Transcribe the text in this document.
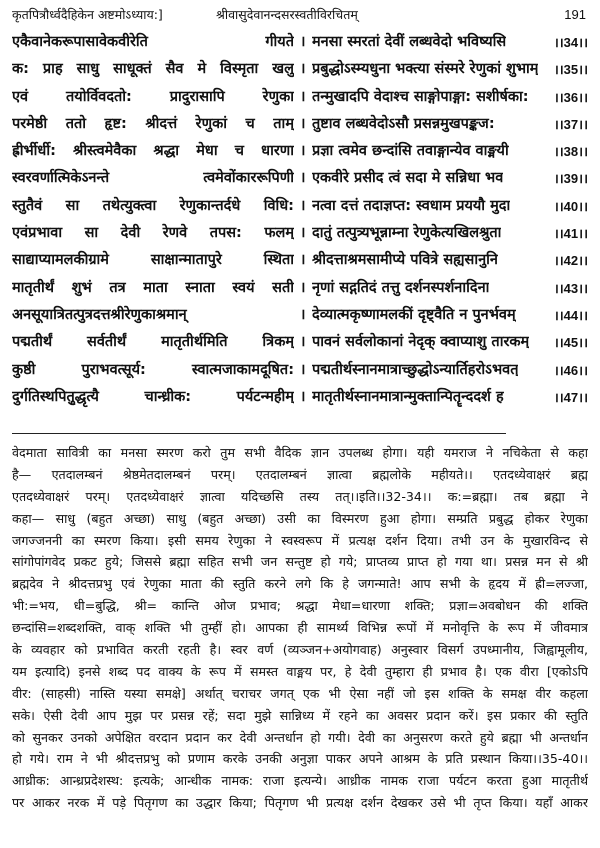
कृतपित्रौर्ध्वदैहिकेन अष्टमोऽध्याय:]	श्रीवासुदेवानन्दसरस्वतीविरचितम्	191
एकैवानेकरूपासावेकवीरेति गीयते । मनसा स्मरतां देवीं लब्धवेदो भविष्यसि	।।34।।
क: प्राह साधु साधूक्तं सैव मे विस्मृता खलु । प्रबुद्धोऽस्म्यधुना भक्त्या संस्मरे रेणुकां शुभाम् ।।35।।
एवं तयोर्विवदतो: प्रादुरासापि रेणुका । तन्मुखादपि वेदाश्च साङ्गोपाङ्गा: सशीर्षका: ।।36।।
परमेष्ठी ततो हृष्ट: श्रीदत्तं रेणुकां च ताम् । तुष्टाव लब्धवेदोऽसौ प्रसन्नमुखपङ्कज:	।।37।।
ह्रीर्भीर्धी: श्रीस्त्वमेवैका श्रद्धा मेधा च धारणा । प्रज्ञा त्वमेव छन्दांसि तवाङ्गान्येव वाङ्मयी	।।38।।
स्वरवर्णात्मिकेऽनन्ते त्वमेवोंकाररूपिणी । एकवीरे प्रसीद त्वं सदा मे सन्निधा भव	।।39।।
स्तुतैवं सा तथेत्युक्त्वा रेणुकान्तर्दधे विधि: । नत्वा दत्तं तदाज्ञप्त: स्वधाम प्रययौ मुदा	।।40।।
एवंप्रभावा सा देवी रेणवे तपस: फलम् । दातुं तत्पुत्र्यभून्नाम्ना रेणुकेत्यखिलश्रुता	।।41।।
साद्याप्यामलकीग्रामे साक्षान्मातापुरे स्थिता । श्रीदत्ताश्रमसामीप्ये पवित्रे सह्यसानुनि	।।42।।
मातृतीर्थं शुभं तत्र माता स्नाता स्वयं सती । नृणां सद्गतिदं तत्तु दर्शनस्पर्शनादिना	।।43।।
अनसूयात्रितत्पुत्रदत्तश्रीरेणुकाश्रमान्	। देव्यात्मकृष्णामलकीं दृष्ट्वैति न पुनर्भवम्	।।44।।
पद्मतीर्थं सर्वतीर्थं मातृतीर्थमिति त्रिकम् । पावनं सर्वलोकानां नेदृक् क्वाप्याशु तारकम् ।।45।।
कुष्ठी पुराभवत्सूर्य: स्वात्मजाकामदूषित: । पद्मतीर्थस्नानमात्राच्छुद्धोऽन्यार्तिहरोऽभवत्	।।46।।
दुर्गतिस्थपितृुद्धृत्यै चान्ध्रीक: पर्यटन्महीम् । मातृतीर्थस्नानमात्रान्मुक्तान्पितॄन्ददर्श ह	।।47।।
वेदमाता सावित्री का मनसा स्मरण करो तुम सभी वैदिक ज्ञान उपलब्ध होगा। यही यमराज ने नचिकेता से कहा
है— एतदालम्बनं श्रेष्ठमेतदालम्बनं परम्। एतदालम्बनं ज्ञात्वा ब्रह्मलोके महीयते।। एतदध्येवाक्षरं ब्रह्म
एतदध्येवाक्षरं परम्। एतदध्येवाक्षरं ज्ञात्वा यदिच्छसि तस्य तत्।।इति।।32-34।। क:=ब्रह्मा। तब ब्रह्मा ने
कहा— साधु (बहुत अच्छा) साधु (बहुत अच्छा) उसी का विस्मरण हुआ होगा। सम्प्रति प्रबुद्ध होकर रेणुका
जगज्जननी का स्मरण किया। इसी समय रेणुका ने स्वस्वरूप में प्रत्यक्ष दर्शन दिया। तभी उन के मुखारविन्द से
सांगोपांगवेद प्रकट हुये; जिससे ब्रह्मा सहित सभी जन सन्तुष्ट हो गये; प्राप्तव्य प्राप्त हो गया था। प्रसन्न मन से श्री
ब्रह्मदेव ने श्रीदत्तप्रभु एवं रेणुका माता की स्तुति करने लगे कि हे जगन्माते! आप सभी के हृदय में ह्री=लज्जा,
भी:=भय, धी=बुद्धि, श्री= कान्ति ओज प्रभाव; श्रद्धा मेधा=धारणा शक्ति; प्रज्ञा=अवबोधन की शक्ति
छन्दांसि=शब्दशक्ति, वाक् शक्ति भी तुम्हीं हो। आपका ही सामर्थ्य विभिन्न रूपों में मनोवृत्ति के रूप में जीवमात्र
के व्यवहार को प्रभावित करती रहती है। स्वर वर्ण (व्यञ्जन+अयोगवाह) अनुस्वार विसर्ग उपध्मानीय, जिह्वामूलीय,
यम इत्यादि) इनसे शब्द पद वाक्य के रूप में समस्त वाङ्मय पर, हे देवी तुम्हारा ही प्रभाव है। एक वीरा [एकोऽपि
वीर: (साहसी) नास्ति यस्या समक्षे] अर्थात् चराचर जगत् एक भी ऐसा नहीं जो इस शक्ति के समक्ष वीर कहला
सके। ऐसी देवी आप मुझ पर प्रसन्न रहें; सदा मुझे सान्निध्य में रहने का अवसर प्रदान करें। इस प्रकार की स्तुति
को सुनकर उनको अपेक्षित वरदान प्रदान कर देवी अन्तर्धान हो गयी। देवी का अनुसरण करते हुये ब्रह्मा भी अन्तर्धान
हो गये। राम ने भी श्रीदत्तप्रभु को प्रणाम करके उनकी अनुज्ञा पाकर अपने आश्रम के प्रति प्रस्थान किया।।35-40।।
आध्रीक: आन्ध्रप्रदेशस्थ: इत्यके; आन्धीक नामक: राजा इत्यन्ये। आध्रीक नामक राजा पर्यटन करता हुआ मातृतीर्थ
पर आकर नरक में पड़े पितृगण का उद्धार किया; पितृगण भी प्रत्यक्ष दर्शन देखकर उसे भी तृप्त किया। यहाँ आकर
